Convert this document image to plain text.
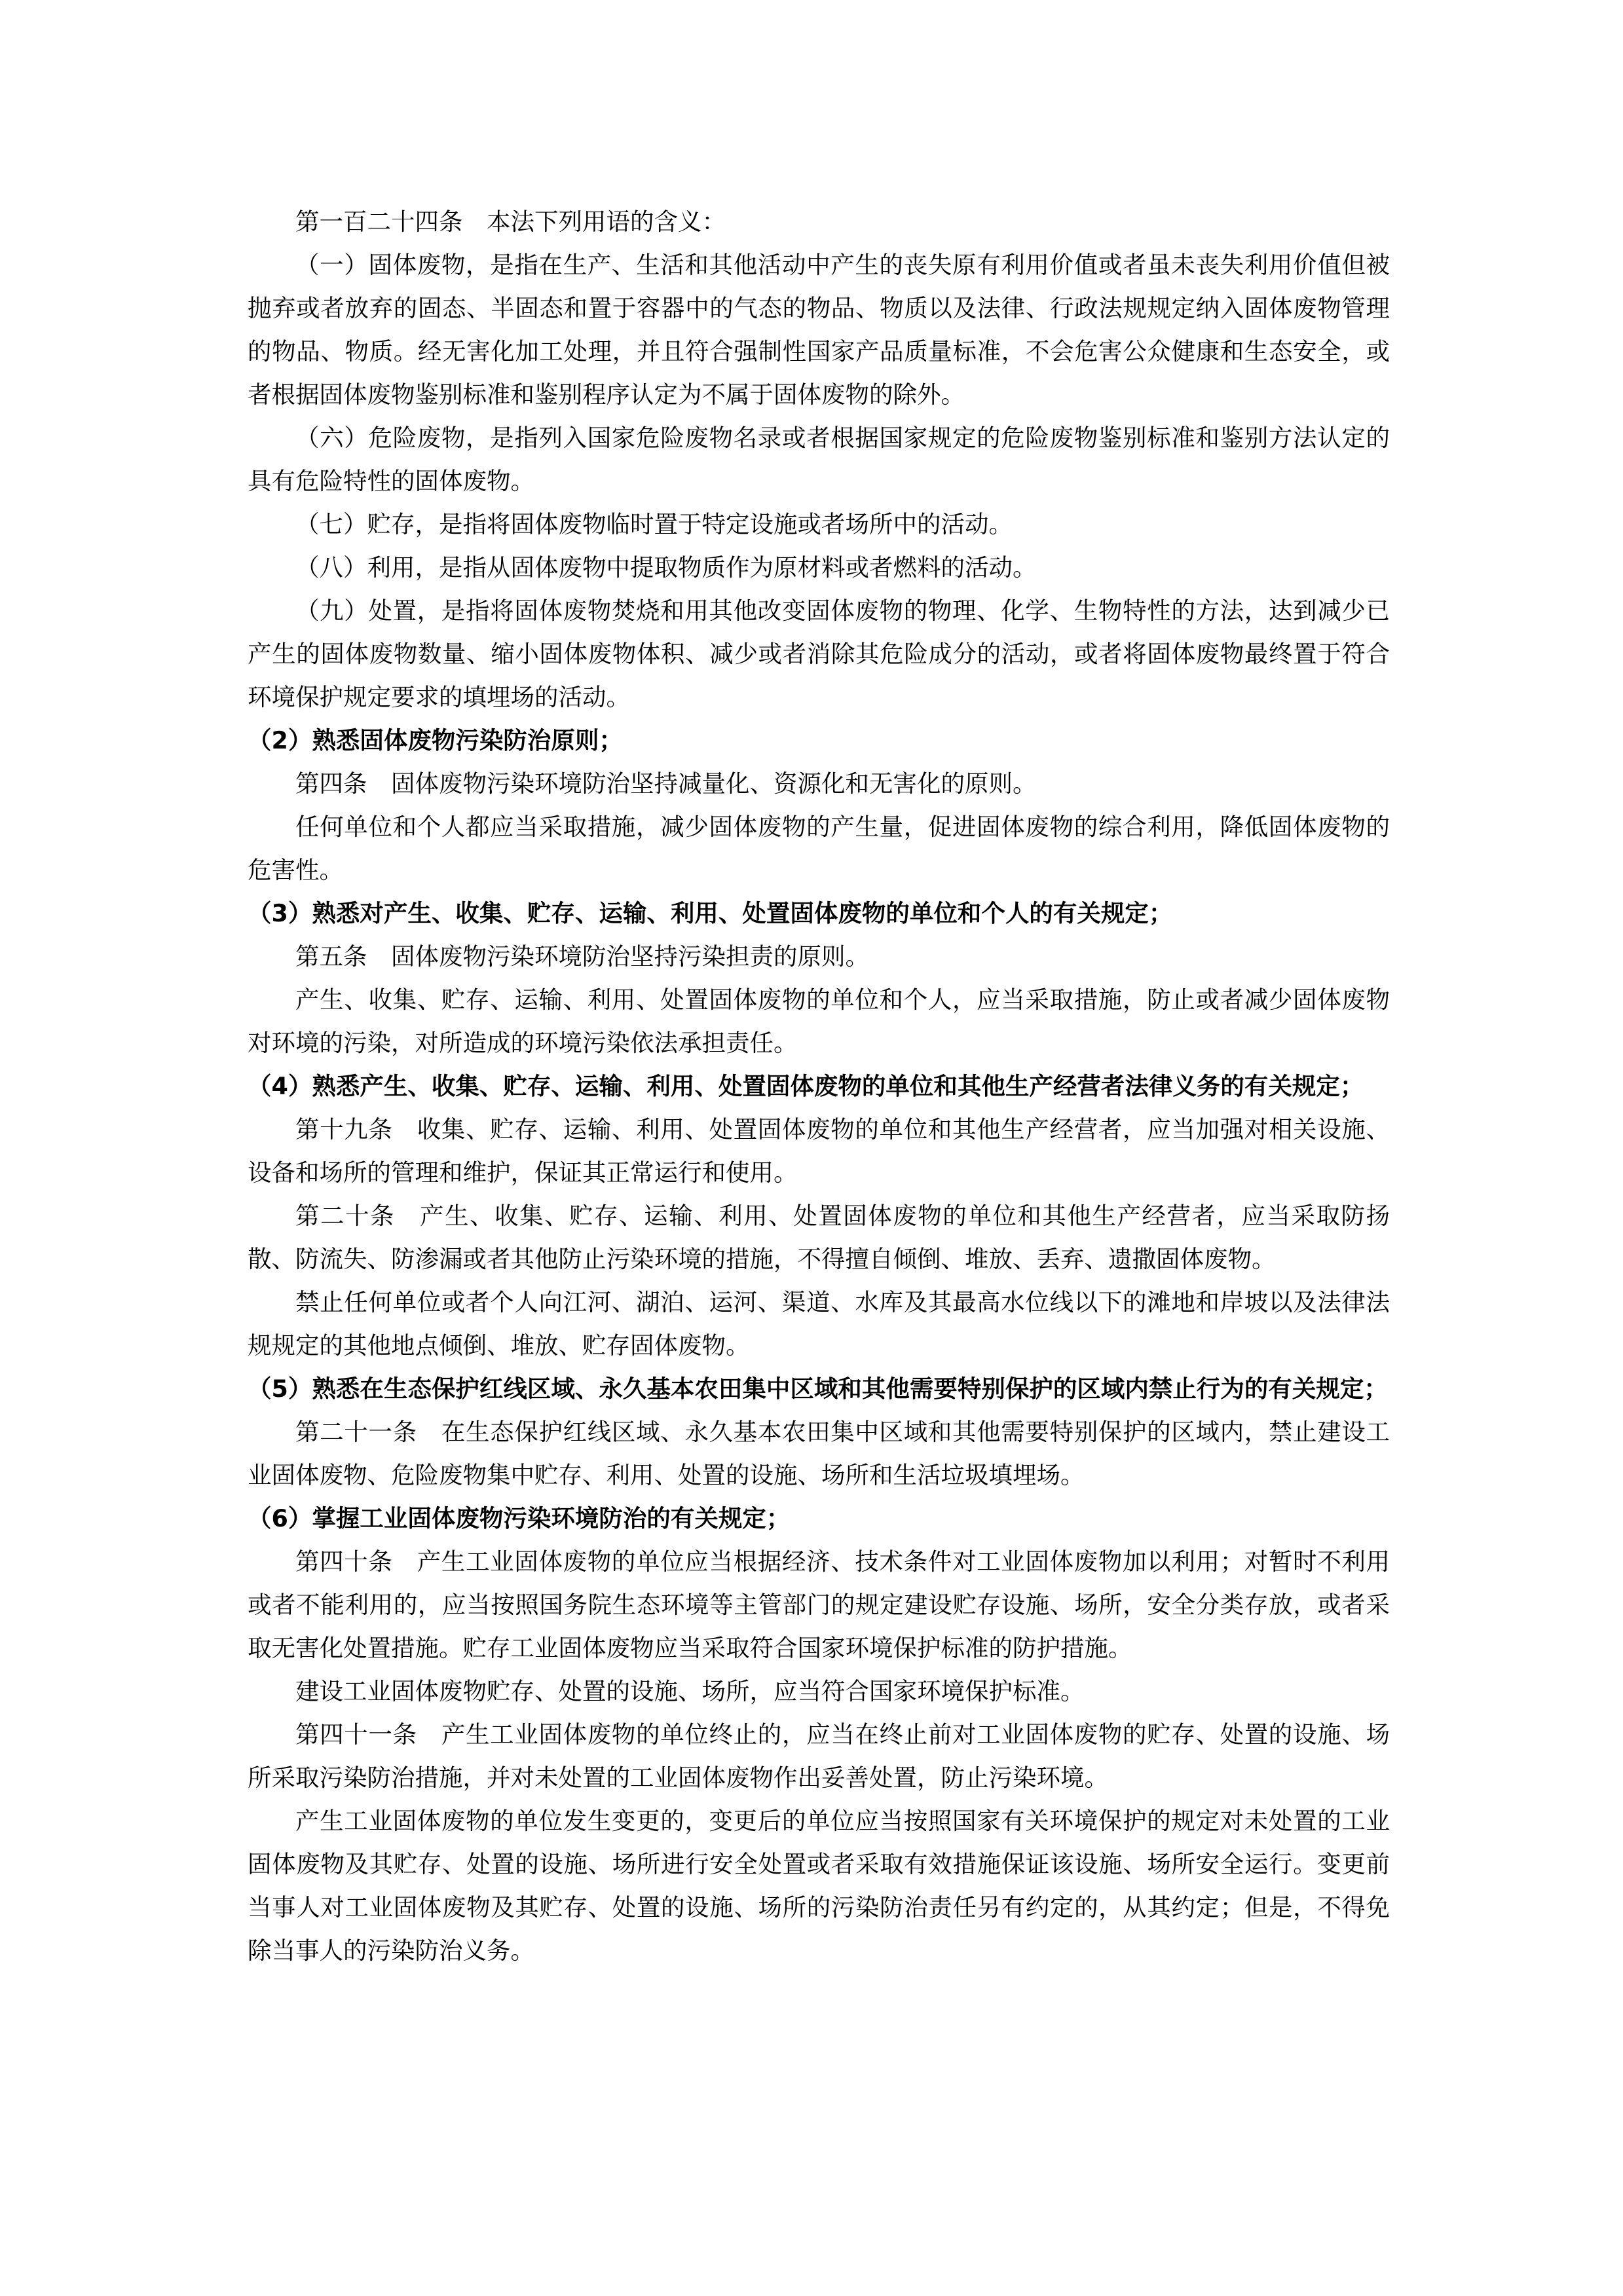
第一百二十四条　本法下列用语的含义：

（一）固体废物，是指在生产、生活和其他活动中产生的丧失原有利用价值或者虽未丧失利用价值但被抛弃或者放弃的固态、半固态和置于容器中的气态的物品、物质以及法律、行政法规规定纳入固体废物管理的物品、物质。经无害化加工处理，并且符合强制性国家产品质量标准，不会危害公众健康和生态安全，或者根据固体废物鉴别标准和鉴别程序认定为不属于固体废物的除外。

（六）危险废物，是指列入国家危险废物名录或者根据国家规定的危险废物鉴别标准和鉴别方法认定的具有危险特性的固体废物。

（七）贮存，是指将固体废物临时置于特定设施或者场所中的活动。

（八）利用，是指从固体废物中提取物质作为原材料或者燃料的活动。

（九）处置，是指将固体废物焚烧和用其他改变固体废物的物理、化学、生物特性的方法，达到减少已产生的固体废物数量、缩小固体废物体积、减少或者消除其危险成分的活动，或者将固体废物最终置于符合环境保护规定要求的填埋场的活动。

（2）熟悉固体废物污染防治原则；

第四条　固体废物污染环境防治坚持减量化、资源化和无害化的原则。

任何单位和个人都应当采取措施，减少固体废物的产生量，促进固体废物的综合利用，降低固体废物的危害性。

（3）熟悉对产生、收集、贮存、运输、利用、处置固体废物的单位和个人的有关规定；

第五条　固体废物污染环境防治坚持污染担责的原则。

产生、收集、贮存、运输、利用、处置固体废物的单位和个人，应当采取措施，防止或者减少固体废物对环境的污染，对所造成的环境污染依法承担责任。

（4）熟悉产生、收集、贮存、运输、利用、处置固体废物的单位和其他生产经营者法律义务的有关规定；

第十九条　收集、贮存、运输、利用、处置固体废物的单位和其他生产经营者，应当加强对相关设施、设备和场所的管理和维护，保证其正常运行和使用。

第二十条　产生、收集、贮存、运输、利用、处置固体废物的单位和其他生产经营者，应当采取防扬散、防流失、防渗漏或者其他防止污染环境的措施，不得擅自倾倒、堆放、丢弃、遗撒固体废物。

禁止任何单位或者个人向江河、湖泊、运河、渠道、水库及其最高水位线以下的滩地和岸坡以及法律法规规定的其他地点倾倒、堆放、贮存固体废物。

（5）熟悉在生态保护红线区域、永久基本农田集中区域和其他需要特别保护的区域内禁止行为的有关规定；

第二十一条　在生态保护红线区域、永久基本农田集中区域和其他需要特别保护的区域内，禁止建设工业固体废物、危险废物集中贮存、利用、处置的设施、场所和生活垃圾填埋场。

（6）掌握工业固体废物污染环境防治的有关规定；

第四十条　产生工业固体废物的单位应当根据经济、技术条件对工业固体废物加以利用；对暂时不利用或者不能利用的，应当按照国务院生态环境等主管部门的规定建设贮存设施、场所，安全分类存放，或者采取无害化处置措施。贮存工业固体废物应当采取符合国家环境保护标准的防护措施。

建设工业固体废物贮存、处置的设施、场所，应当符合国家环境保护标准。

第四十一条　产生工业固体废物的单位终止的，应当在终止前对工业固体废物的贮存、处置的设施、场所采取污染防治措施，并对未处置的工业固体废物作出妥善处置，防止污染环境。

产生工业固体废物的单位发生变更的，变更后的单位应当按照国家有关环境保护的规定对未处置的工业固体废物及其贮存、处置的设施、场所进行安全处置或者采取有效措施保证该设施、场所安全运行。变更前当事人对工业固体废物及其贮存、处置的设施、场所的污染防治责任另有约定的，从其约定；但是，不得免除当事人的污染防治义务。
